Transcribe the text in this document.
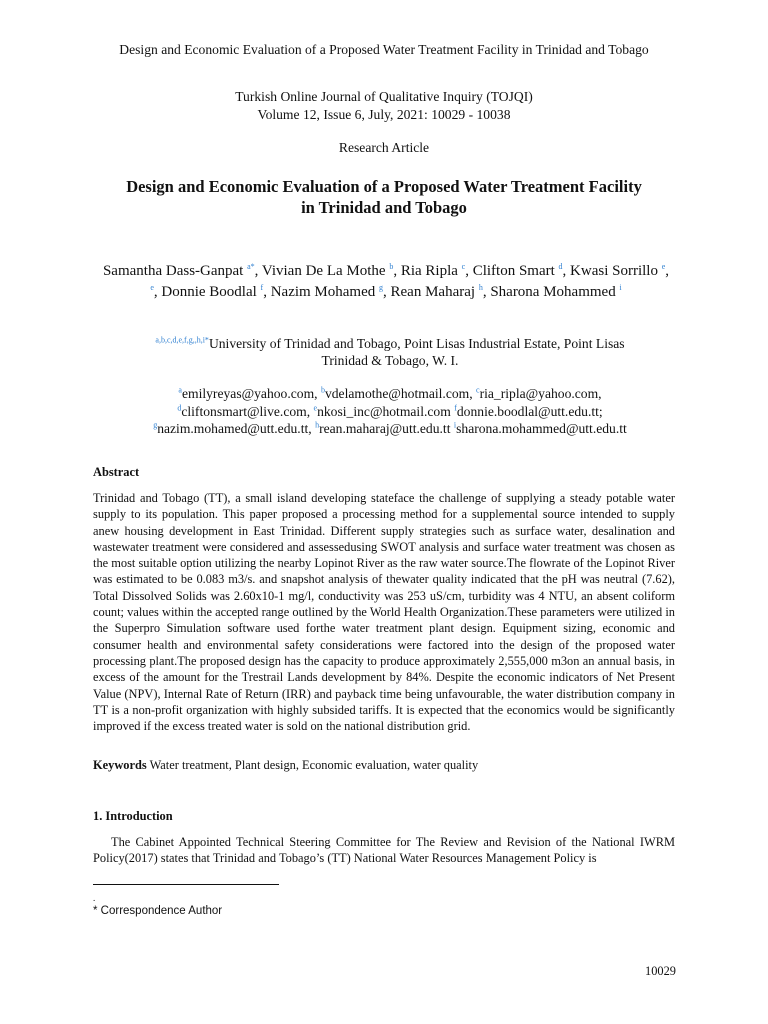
Design and Economic Evaluation of a Proposed Water Treatment Facility in Trinidad and Tobago
Turkish Online Journal of Qualitative Inquiry (TOJQI)
Volume 12, Issue 6, July, 2021: 10029 - 10038
Research Article
Design and Economic Evaluation of a Proposed Water Treatment Facility
in Trinidad and Tobago
Samantha Dass-Ganpat $^{a*}$, Vivian De La Mothe $^b$, Ria Ripla $^c$, Clifton Smart $^d$, Kwasi Sorrillo $^e$,
$^e$, Donnie Boodlal $^f$, Nazim Mohamed $^g$, Rean Maharaj $^h$, Sharona Mohammed $^i$
$^{a,b,c,d,e,f,g,,h,i*}$University of Trinidad and Tobago, Point Lisas Industrial Estate, Point Lisas
Trinidad & Tobago, W. I.
$^a$emilyreyas@yahoo.com, $^b$vdelamothe@hotmail.com, $^c$ria_ripla@yahoo.com,
$^d$cliftonsmart@live.com, $^e$nkosi_inc@hotmail.com $^f$donnie.boodlal@utt.edu.tt;
$^g$nazim.mohamed@utt.edu.tt, $^h$rean.maharaj@utt.edu.tt $^i$sharona.mohammed@utt.edu.tt
Abstract
Trinidad and Tobago (TT), a small island developing stateface the challenge of supplying a steady potable water supply to its population. This paper proposed a processing method for a supplemental source intended to supply anew housing development in East Trinidad. Different supply strategies such as surface water, desalination and wastewater treatment were considered and assessedusing SWOT analysis and surface water treatment was chosen as the most suitable option utilizing the nearby Lopinot River as the raw water source.The flowrate of the Lopinot River was estimated to be 0.083 m3/s. and snapshot analysis of thewater quality indicated that the pH was neutral (7.62), Total Dissolved Solids was 2.60x10-1 mg/l, conductivity was 253 uS/cm, turbidity was 4 NTU, an absent coliform count; values within the accepted range outlined by the World Health Organization.These parameters were utilized in the Superpro Simulation software used forthe water treatment plant design. Equipment sizing, economic and consumer health and environmental safety considerations were factored into the design of the proposed water processing plant.The proposed design has the capacity to produce approximately 2,555,000 m3on an annual basis, in excess of the amount for the Trestrail Lands development by 84%. Despite the economic indicators of Net Present Value (NPV), Internal Rate of Return (IRR) and payback time being unfavourable, the water distribution company in TT is a non-profit organization with highly subsided tariffs. It is expected that the economics would be significantly improved if the excess treated water is sold on the national distribution grid.
Keywords Water treatment, Plant design, Economic evaluation, water quality
1. Introduction
The Cabinet Appointed Technical Steering Committee for The Review and Revision of the National IWRM Policy(2017) states that Trinidad and Tobago’s (TT) National Water Resources Management Policy is
.
* Correspondence Author
10029
